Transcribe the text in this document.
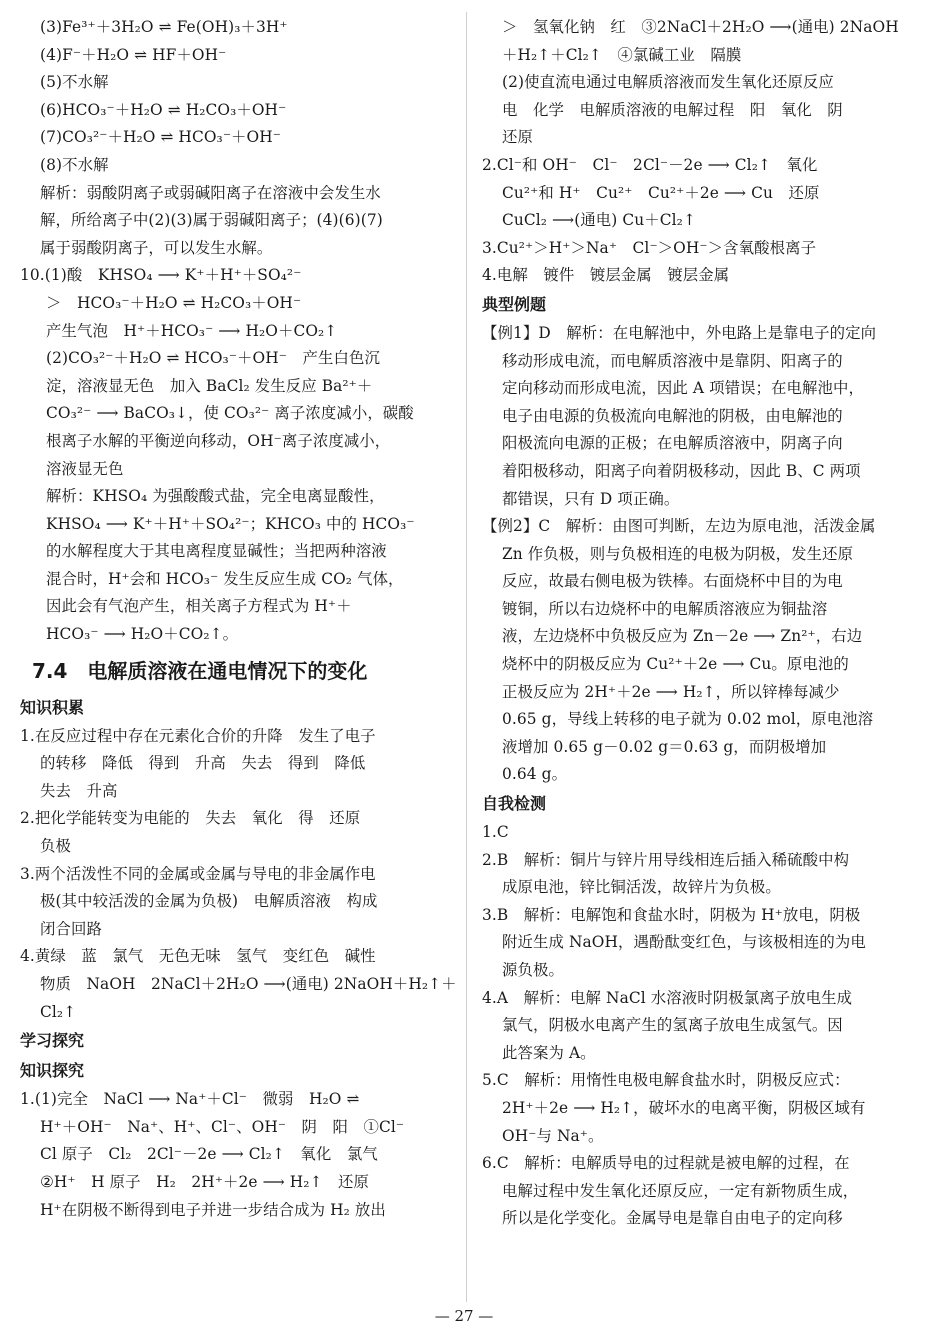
(3)Fe³⁺＋3H₂O ⇌ Fe(OH)₃＋3H⁺
(4)F⁻＋H₂O ⇌ HF＋OH⁻
(5)不水解
(6)HCO₃⁻＋H₂O ⇌ H₂CO₃＋OH⁻
(7)CO₃²⁻＋H₂O ⇌ HCO₃⁻＋OH⁻
(8)不水解
解析：弱酸阴离子或弱碱阳离子在溶液中会发生水
解，所给离子中(2)(3)属于弱碱阳离子；(4)(6)(7)
属于弱酸阴离子，可以发生水解。
10.(1)酸　KHSO₄ ⟶ K⁺＋H⁺＋SO₄²⁻
＞　HCO₃⁻＋H₂O ⇌ H₂CO₃＋OH⁻
产生气泡　H⁺＋HCO₃⁻ ⟶ H₂O＋CO₂↑
(2)CO₃²⁻＋H₂O ⇌ HCO₃⁻＋OH⁻　产生白色沉
淀，溶液显无色　加入 BaCl₂ 发生反应 Ba²⁺＋
CO₃²⁻ ⟶ BaCO₃↓，使 CO₃²⁻ 离子浓度减小，碳酸
根离子水解的平衡逆向移动，OH⁻离子浓度减小，
溶液显无色
解析：KHSO₄ 为强酸酸式盐，完全电离显酸性，
KHSO₄ ⟶ K⁺＋H⁺＋SO₄²⁻；KHCO₃ 中的 HCO₃⁻
的水解程度大于其电离程度显碱性；当把两种溶液
混合时，H⁺会和 HCO₃⁻ 发生反应生成 CO₂ 气体，
因此会有气泡产生，相关离子方程式为 H⁺＋
HCO₃⁻ ⟶ H₂O＋CO₂↑。
7.4　电解质溶液在通电情况下的变化
知识积累
1.在反应过程中存在元素化合价的升降　发生了电子
的转移　降低　得到　升高　失去　得到　降低
失去　升高
2.把化学能转变为电能的　失去　氧化　得　还原
负极
3.两个活泼性不同的金属或金属与导电的非金属作电
极(其中较活泼的金属为负极)　电解质溶液　构成
闭合回路
4.黄绿　蓝　氯气　无色无味　氢气　变红色　碱性
物质　NaOH　2NaCl＋2H₂O ⟶(通电) 2NaOH＋H₂↑＋
Cl₂↑
学习探究
知识探究
1.(1)完全　NaCl ⟶ Na⁺＋Cl⁻　微弱　H₂O ⇌
H⁺＋OH⁻　Na⁺、H⁺、Cl⁻、OH⁻　阴　阳　①Cl⁻
Cl 原子　Cl₂　2Cl⁻－2e ⟶ Cl₂↑　氧化　氯气
②H⁺　H 原子　H₂　2H⁺＋2e ⟶ H₂↑　还原
H⁺在阴极不断得到电子并进一步结合成为 H₂ 放出
＞　氢氧化钠　红　③2NaCl＋2H₂O ⟶(通电) 2NaOH
＋H₂↑＋Cl₂↑　④氯碱工业　隔膜
(2)使直流电通过电解质溶液而发生氧化还原反应
电　化学　电解质溶液的电解过程　阳　氧化　阴
还原
2.Cl⁻和 OH⁻　Cl⁻　2Cl⁻－2e ⟶ Cl₂↑　氧化
Cu²⁺和 H⁺　Cu²⁺　Cu²⁺＋2e ⟶ Cu　还原
CuCl₂ ⟶(通电) Cu＋Cl₂↑
3.Cu²⁺＞H⁺＞Na⁺　Cl⁻＞OH⁻＞含氧酸根离子
4.电解　镀件　镀层金属　镀层金属
典型例题
【例1】D　解析：在电解池中，外电路上是靠电子的定向
移动形成电流，而电解质溶液中是靠阴、阳离子的
定向移动而形成电流，因此 A 项错误；在电解池中，
电子由电源的负极流向电解池的阴极，由电解池的
阳极流向电源的正极；在电解质溶液中，阴离子向
着阳极移动，阳离子向着阴极移动，因此 B、C 两项
都错误，只有 D 项正确。
【例2】C　解析：由图可判断，左边为原电池，活泼金属
Zn 作负极，则与负极相连的电极为阴极，发生还原
反应，故最右侧电极为铁棒。右面烧杯中目的为电
镀铜，所以右边烧杯中的电解质溶液应为铜盐溶
液，左边烧杯中负极反应为 Zn－2e ⟶ Zn²⁺，右边
烧杯中的阴极反应为 Cu²⁺＋2e ⟶ Cu。原电池的
正极反应为 2H⁺＋2e ⟶ H₂↑，所以锌棒每减少
0.65 g，导线上转移的电子就为 0.02 mol，原电池溶
液增加 0.65 g－0.02 g＝0.63 g，而阴极增加
0.64 g。
自我检测
1.C
2.B　解析：铜片与锌片用导线相连后插入稀硫酸中构
成原电池，锌比铜活泼，故锌片为负极。
3.B　解析：电解饱和食盐水时，阴极为 H⁺放电，阴极
附近生成 NaOH，遇酚酞变红色，与该极相连的为电
源负极。
4.A　解析：电解 NaCl 水溶液时阴极氯离子放电生成
氯气，阴极水电离产生的氢离子放电生成氢气。因
此答案为 A。
5.C　解析：用惰性电极电解食盐水时，阴极反应式：
2H⁺＋2e ⟶ H₂↑，破坏水的电离平衡，阴极区域有
OH⁻与 Na⁺。
6.C　解析：电解质导电的过程就是被电解的过程，在
电解过程中发生氧化还原反应，一定有新物质生成，
所以是化学变化。金属导电是靠自由电子的定向移
— 27 —
